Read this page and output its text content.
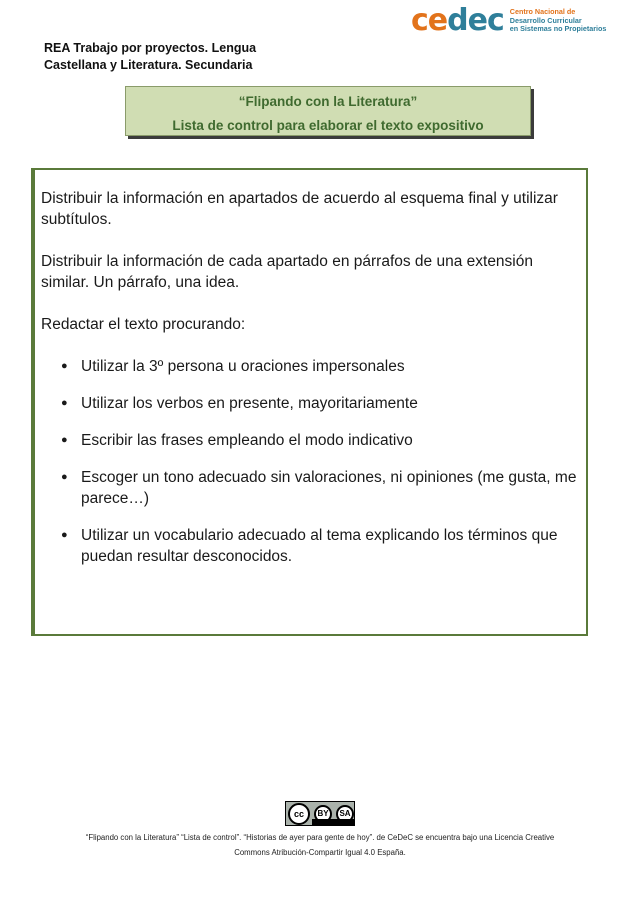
REA Trabajo por proyectos. Lengua
Castellana y Literatura. Secundaria
cedec Centro Nacional de
Desarrollo Curricular
en Sistemas no Propietarios
“Flipando con la Literatura”
Lista de control para elaborar el texto expositivo

Distribuir la información en apartados de acuerdo al esquema final y utilizar subtítulos.

Distribuir la información de cada apartado en párrafos de una extensión similar. Un párrafo, una idea.

Redactar el texto procurando:

● Utilizar la 3º persona u oraciones impersonales
● Utilizar los verbos en presente, mayoritariamente
● Escribir las frases empleando el modo indicativo
● Escoger un tono adecuado sin valoraciones, ni opiniones (me gusta, me parece…)
● Utilizar un vocabulario adecuado al tema explicando los términos que puedan resultar desconocidos.
cc	BY	SA
“Flipando con la Literatura” “Lista de control”. “Historias de ayer para gente de hoy”. de CeDeC se encuentra bajo una Licencia Creative
Commons Atribución-Compartir Igual 4.0 España.
